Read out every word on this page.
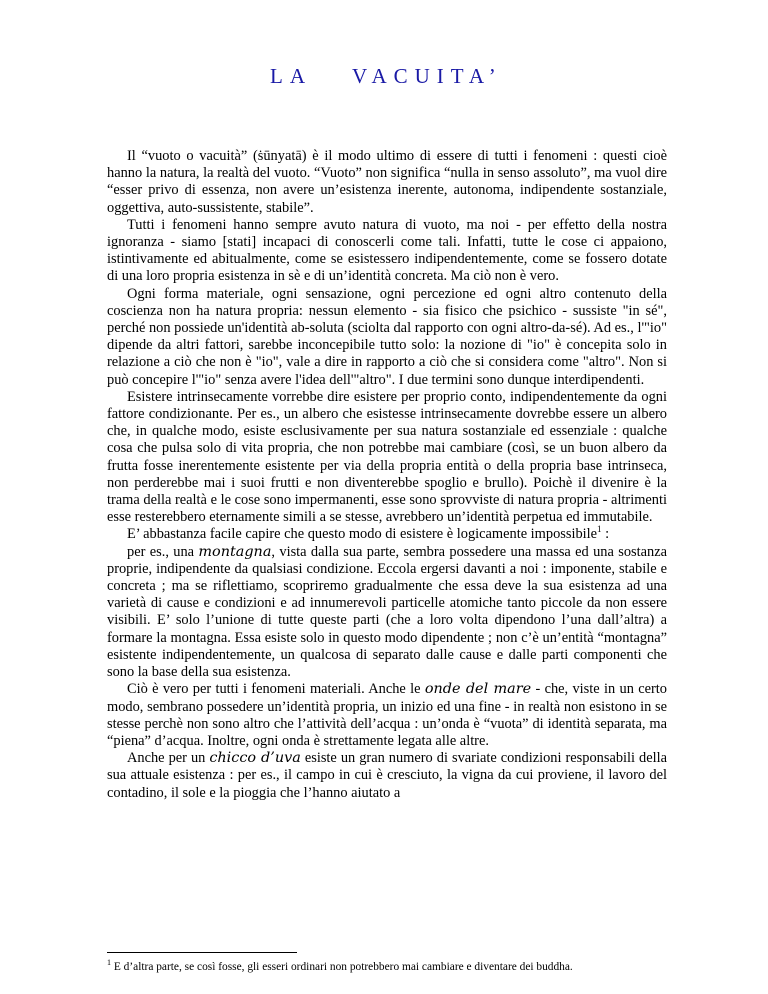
LA VACUITA’

Il “vuoto o vacuità” (ṡūnyatā) è il modo ultimo di essere di tutti i fenomeni : questi cioè hanno la natura, la realtà del vuoto. “Vuoto” non significa “nulla in senso assoluto”, ma vuol dire “esser privo di essenza, non avere un’esistenza inerente, autonoma, indipendente sostanziale, oggettiva, auto-sussistente, stabile”.

Tutti i fenomeni hanno sempre avuto natura di vuoto, ma noi - per effetto della nostra ignoranza - siamo [stati] incapaci di conoscerli come tali. Infatti, tutte le cose ci appaiono, istintivamente ed abitualmente, come se esistessero indipendentemente, come se fossero dotate di una loro propria esistenza in sè e di un’identità concreta. Ma ciò non è vero.

Ogni forma materiale, ogni sensazione, ogni percezione ed ogni altro contenuto della coscienza non ha natura propria: nessun elemento - sia fisico che psichico - sussiste "in sé", perché non possiede un'identità ab-soluta (sciolta dal rapporto con ogni altro-da-sé). Ad es., l'"io" dipende da altri fattori, sarebbe inconcepibile tutto solo: la nozione di "io" è concepita solo in relazione a ciò che non è "io", vale a dire in rapporto a ciò che si considera come "altro". Non si può concepire l'"io" senza avere l'idea dell'"altro". I due termini sono dunque interdipendenti.

Esistere intrinsecamente vorrebbe dire esistere per proprio conto, indipendentemente da ogni fattore condizionante. Per es., un albero che esistesse intrinsecamente dovrebbe essere un albero che, in qualche modo, esiste esclusivamente per sua natura sostanziale ed essenziale : qualche cosa che pulsa solo di vita propria, che non potrebbe mai cambiare (così, se un buon albero da frutta fosse inerentemente esistente per via della propria entità o della propria base intrinseca, non perderebbe mai i suoi frutti e non diventerebbe spoglio e brullo). Poichè il divenire è la trama della realtà e le cose sono impermanenti, esse sono sprovviste di natura propria - altrimenti esse resterebbero eternamente simili a se stesse, avrebbero un’identità perpetua ed immutabile.

E’ abbastanza facile capire che questo modo di esistere è logicamente impossibile$^1$ :

per es., una montagna, vista dalla sua parte, sembra possedere una massa ed una sostanza proprie, indipendente da qualsiasi condizione. Eccola ergersi davanti a noi : imponente, stabile e concreta ; ma se riflettiamo, scopriremo gradualmente che essa deve la sua esistenza ad una varietà di cause e condizioni e ad innumerevoli particelle atomiche tanto piccole da non essere visibili. E’ solo l’unione di tutte queste parti (che a loro volta dipendono l’una dall’altra) a formare la montagna. Essa esiste solo in questo modo dipendente ; non c’è un’entità “montagna” esistente indipendentemente, un qualcosa di separato dalle cause e dalle parti componenti che sono la base della sua esistenza.

Ciò è vero per tutti i fenomeni materiali. Anche le onde del mare - che, viste in un certo modo, sembrano possedere un’identità propria, un inizio ed una fine - in realtà non esistono in se stesse perchè non sono altro che l’attività dell’acqua : un’onda è “vuota” di identità separata, ma “piena” d’acqua. Inoltre, ogni onda è strettamente legata alle altre.

Anche per un chicco d’uva esiste un gran numero di svariate condizioni responsabili della sua attuale esistenza : per es., il campo in cui è cresciuto, la vigna da cui proviene, il lavoro del contadino, il sole e la pioggia che l’hanno aiutato a

$^1$ E d’altra parte, se così fosse, gli esseri ordinari non potrebbero mai cambiare e diventare dei buddha.
